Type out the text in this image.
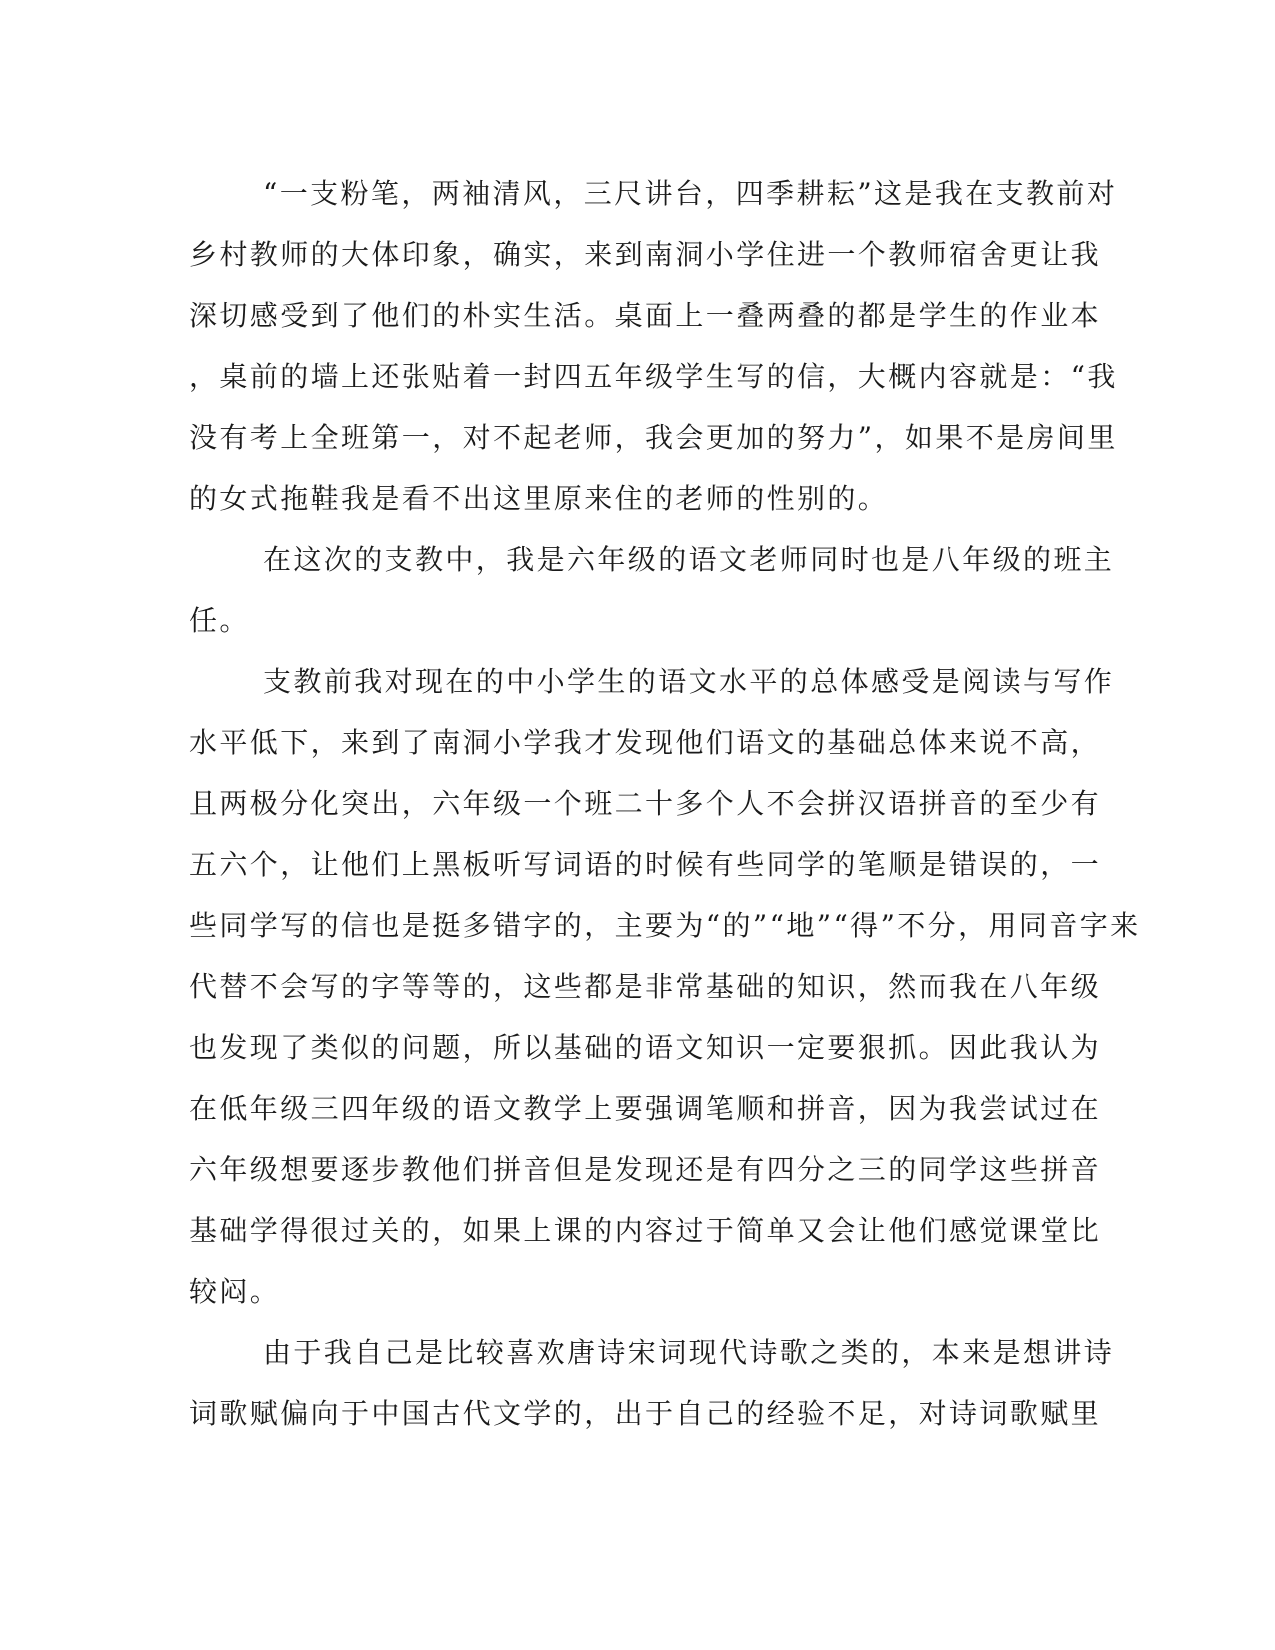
“一支粉笔，两袖清风，三尺讲台，四季耕耘”这是我在支教前对
乡村教师的大体印象，确实，来到南洞小学住进一个教师宿舍更让我
深切感受到了他们的朴实生活。桌面上一叠两叠的都是学生的作业本
，桌前的墙上还张贴着一封四五年级学生写的信，大概内容就是：“我
没有考上全班第一，对不起老师，我会更加的努力”，如果不是房间里
的女式拖鞋我是看不出这里原来住的老师的性别的。
在这次的支教中，我是六年级的语文老师同时也是八年级的班主
任。
支教前我对现在的中小学生的语文水平的总体感受是阅读与写作
水平低下，来到了南洞小学我才发现他们语文的基础总体来说不高，
且两极分化突出，六年级一个班二十多个人不会拼汉语拼音的至少有
五六个，让他们上黑板听写词语的时候有些同学的笔顺是错误的，一
些同学写的信也是挺多错字的，主要为“的”“地”“得”不分，用同音字来
代替不会写的字等等的，这些都是非常基础的知识，然而我在八年级
也发现了类似的问题，所以基础的语文知识一定要狠抓。因此我认为
在低年级三四年级的语文教学上要强调笔顺和拼音，因为我尝试过在
六年级想要逐步教他们拼音但是发现还是有四分之三的同学这些拼音
基础学得很过关的，如果上课的内容过于简单又会让他们感觉课堂比
较闷。
由于我自己是比较喜欢唐诗宋词现代诗歌之类的，本来是想讲诗
词歌赋偏向于中国古代文学的，出于自己的经验不足，对诗词歌赋里
